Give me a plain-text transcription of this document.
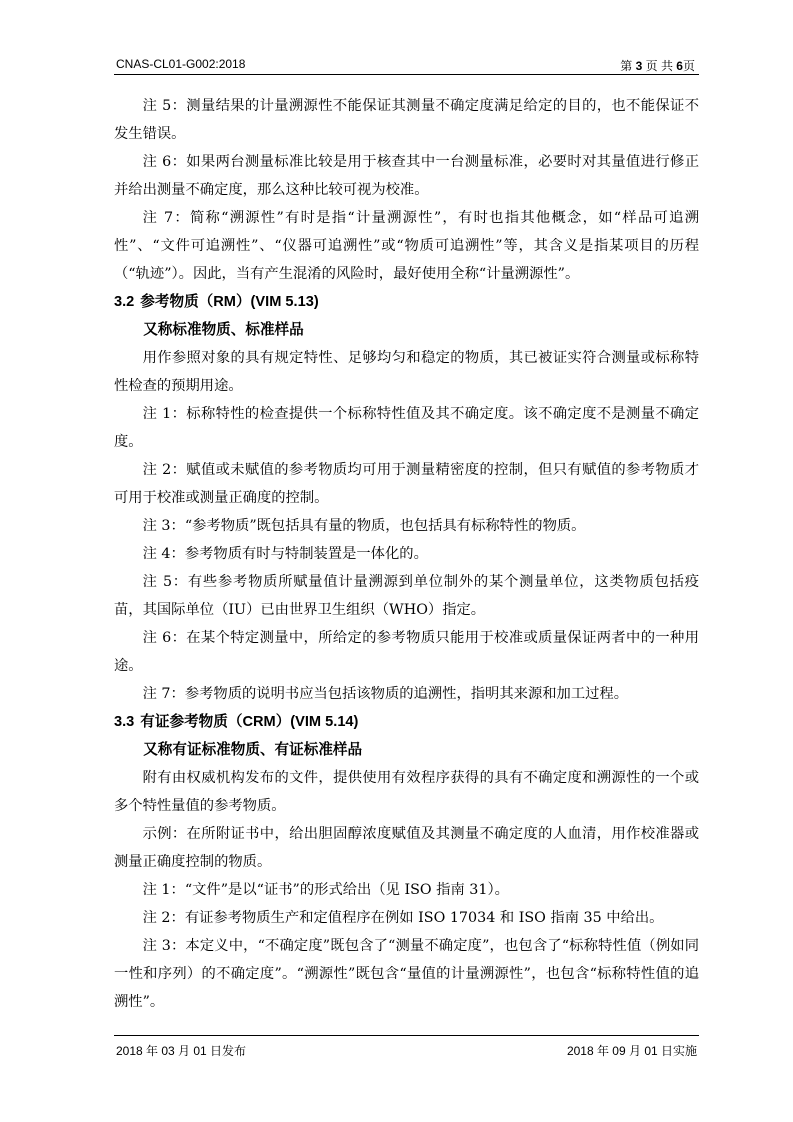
CNAS-CL01-G002:2018	第 3 页 共 6页

注 5：测量结果的计量溯源性不能保证其测量不确定度满足给定的目的，也不能保证不发生错误。

注 6：如果两台测量标准比较是用于核查其中一台测量标准，必要时对其量值进行修正并给出测量不确定度，那么这种比较可视为校准。

注 7：简称“溯源性”有时是指“计量溯源性”，有时也指其他概念，如“样品可追溯性”、“文件可追溯性”、“仪器可追溯性”或“物质可追溯性”等，其含义是指某项目的历程（“轨迹”）。因此，当有产生混淆的风险时，最好使用全称“计量溯源性”。

3.2 参考物质（RM）(VIM 5.13)

又称标准物质、标准样品

用作参照对象的具有规定特性、足够均匀和稳定的物质，其已被证实符合测量或标称特性检查的预期用途。

注 1：标称特性的检查提供一个标称特性值及其不确定度。该不确定度不是测量不确定度。

注 2：赋值或未赋值的参考物质均可用于测量精密度的控制，但只有赋值的参考物质才可用于校准或测量正确度的控制。

注 3：“参考物质”既包括具有量的物质，也包括具有标称特性的物质。

注 4：参考物质有时与特制装置是一体化的。

注 5：有些参考物质所赋量值计量溯源到单位制外的某个测量单位，这类物质包括疫苗，其国际单位（IU）已由世界卫生组织（WHO）指定。

注 6：在某个特定测量中，所给定的参考物质只能用于校准或质量保证两者中的一种用途。

注 7：参考物质的说明书应当包括该物质的追溯性，指明其来源和加工过程。

3.3 有证参考物质（CRM）(VIM 5.14)

又称有证标准物质、有证标准样品

附有由权威机构发布的文件，提供使用有效程序获得的具有不确定度和溯源性的一个或多个特性量值的参考物质。

示例：在所附证书中，给出胆固醇浓度赋值及其测量不确定度的人血清，用作校准器或测量正确度控制的物质。

注 1：“文件”是以“证书”的形式给出（见 ISO 指南 31）。

注 2：有证参考物质生产和定值程序在例如 ISO 17034 和 ISO 指南 35 中给出。

注 3：本定义中，“不确定度”既包含了“测量不确定度”，也包含了“标称特性值（例如同一性和序列）的不确定度”。“溯源性”既包含“量值的计量溯源性”，也包含“标称特性值的追溯性”。

2018 年 03 月 01 日发布	2018 年 09 月 01 日实施
